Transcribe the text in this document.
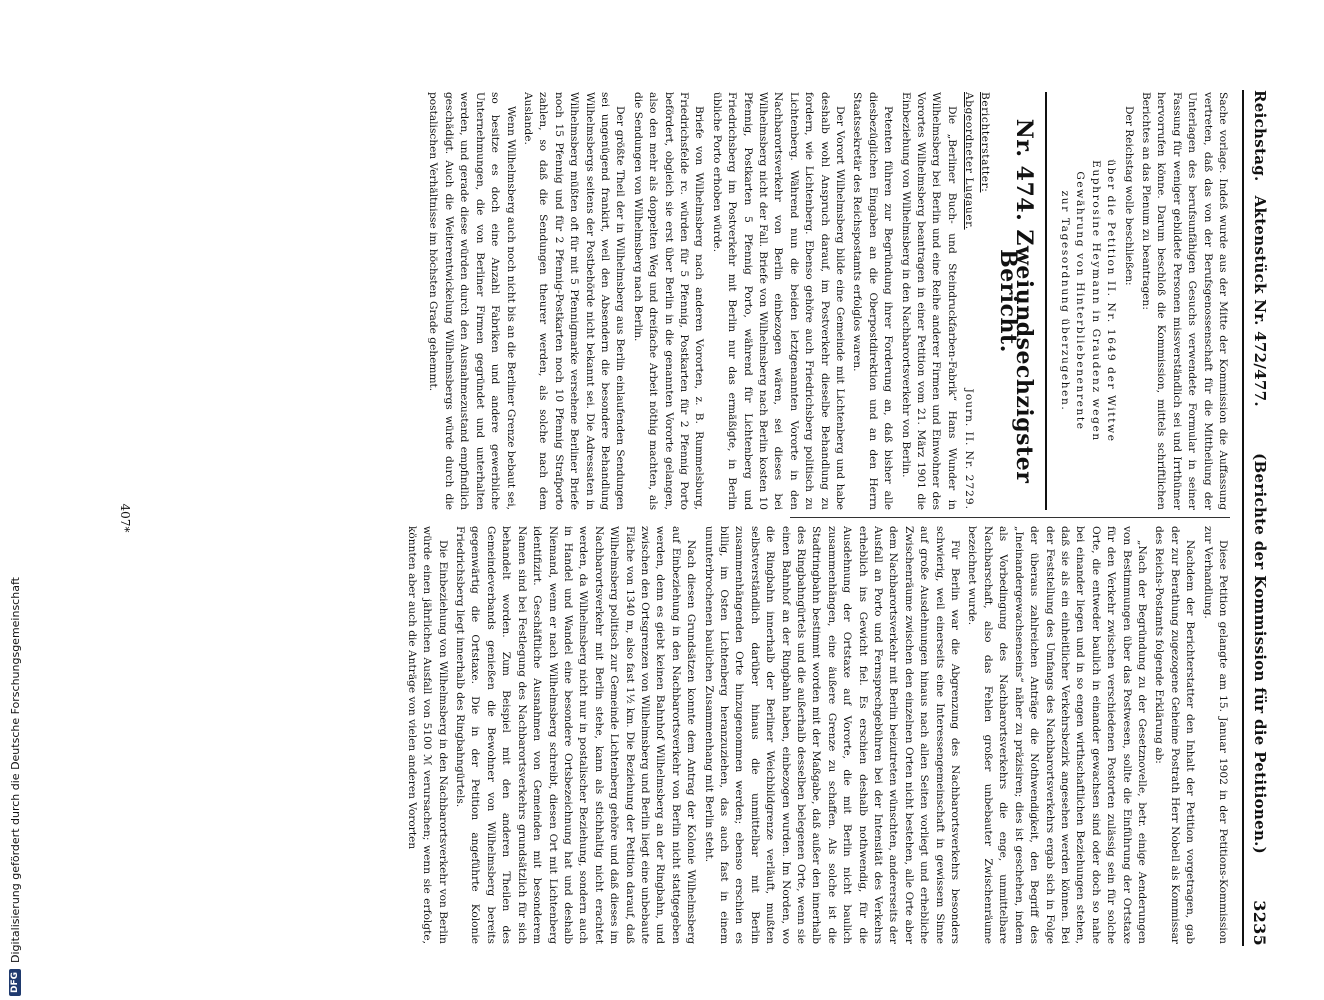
Reichstag.
Aktenstück Nr. 472/477.
(Berichte der Kommission für die Petitionen.)
3235

Sache vorlage. Indeß wurde aus der Mitte der Kommission die Auffassung vertreten, daß das von der Berufsgenossenschaft für die Mittheilung der Unterlagen des berufsunfähigen Gesuchs verwendete Formular in seiner Fassung für weniger gebildete Personen missverständlich sei und Irrthümer hervorrufen könne. Darum beschloß die Kommission, mittels schriftlichen Berichtes an das Plenum zu beantragen:

Der Reichstag wolle beschließen:

über die Petition II. Nr. 1649 der Wittwe
Euphrosine Heymann in Graudenz wegen
Gewährung von Hinterbliebenenrente
zur Tagesordnung überzugehen.
Nr. 474. Zweiundsechzigster Bericht.
Berichterstatter:
Abgeordneter Lugauer.
Journ. II. Nr. 2729.

Die „Berliner Buch- und Steindruckfarben-Fabrik“ Hans Wunder in Wilhelmsberg bei Berlin und eine Reihe anderer Firmen und Einwohner des Vorortes Wilhelmsberg beantragen in einer Petition vom 21. März 1901 die Einbeziehung von Wilhelmsberg in den Nachbarortsverkehr von Berlin.

Petenten führen zur Begründung ihrer Forderung an, daß bisher alle diesbezüglichen Eingaben an die Oberpostdirektion und an den Herrn Staatssekretär des Reichspostamts erfolglos waren.

Der Vorort Wilhelmsberg bilde eine Gemeinde mit Lichtenberg und habe deshalb wohl Anspruch darauf, im Postverkehr dieselbe Behandlung zu fordern, wie Lichtenberg. Ebenso gehöre auch Friedrichsberg politisch zu Lichtenberg. Während nun die beiden letztgenannten Vororte in den Nachbarortsverkehr von Berlin einbezogen wären, sei dieses bei Wilhelmsberg nicht der Fall. Briefe von Wilhelmsberg nach Berlin kosten 10 Pfennig, Postkarten 5 Pfennig Porto, während für Lichtenberg und Friedrichsberg im Postverkehr mit Berlin nur das ermäßigte, in Berlin übliche Porto erhoben würde.

Briefe von Wilhelmsberg nach anderen Vororten, z. B. Rummelsburg, Friedrichsfelde rc. würden für 5 Pfennig, Postkarten für 2 Pfennig Porto befördert, obgleich sie erst über Berlin in die genannten Vororte gelangen, also den mehr als doppelten Weg und dreifache Arbeit nöthig machten, als die Sendungen von Wilhelmsberg nach Berlin.

Der größte Theil der in Wilhelmsberg aus Berlin einlaufenden Sendungen sei ungenügend frankirt, weil den Absendern die besondere Behandlung Wilhelmsbergs seitens der Postbehörde nicht bekannt sei. Die Adressaten in Wilhelmsberg müßten oft für mit 5 Pfennigmarke versehene Berliner Briefe noch 15 Pfennig und für 2 Pfennig-Postkarten noch 10 Pfennig Strafporto zahlen, so daß die Sendungen theurer werden, als solche nach dem Auslande.

Wenn Wilhelmsberg auch noch nicht bis an die Berliner Grenze bebaut sei, so besitze es doch eine Anzahl Fabriken und andere gewerbliche Unternehmungen, die von Berliner Firmen gegründet und unterhalten werden, und gerade diese würden durch den Ausnahmezustand empfindlich geschädigt. Auch die Weiterentwickelung Wilhelmsbergs würde durch die postalischen Verhältnisse im höchsten Grade gehemmt.

Diese Petition gelangte am 15. Januar 1902 in der Petitions-Kommission zur Verhandlung.

Nachdem der Berichterstatter den Inhalt der Petition vorgetragen, gab der zur Berathung zugezogene Geheime Postrath Herr Nobell als Kommissar des Reichs-Postamts folgende Erklärung ab:

„Nach der Begründung zu der Gesetznovelle, betr. einige Aenderungen von Bestimmungen über das Postwesen, sollte die Einführung der Ortstaxe für den Verkehr zwischen verschiedenen Postorten zulässig sein für solche Orte, die entweder baulich in einander gewachsen sind oder doch so nahe bei einander liegen und in so engen wirthschaftlichen Beziehungen stehen, daß sie als ein einheitlicher Verkehrsbezirk angesehen werden können. Bei der Feststellung des Umfangs des Nachbarortsverkehrs ergab sich in Folge der überaus zahlreichen Anträge die Nothwendigkeit, den Begriff des „Ineinandergewachsenseins“ näher zu präzisiren; dies ist geschehen, indem als Vorbedingung des Nachbarortsverkehrs die enge, unmittelbare Nachbarschaft, also das Fehlen großer unbebauter Zwischenräume bezeichnet wurde.

Für Berlin war die Abgrenzung des Nachbarortsverkehrs besonders schwierig, weil einerseits eine Interessengemeinschaft in gewissem Sinne auf große Ausdehnungen hinaus nach allen Seiten vorliegt und erhebliche Zwischenräume zwischen den einzelnen Orten nicht bestehen, alle Orte aber dem Nachbarortsverkehr mit Berlin beizutreten wünschten, andererseits der Ausfall an Porto und Fernsprechgebühren bei der Intensität des Verkehrs erheblich ins Gewicht fiel. Es erschien deshalb nothwendig, für die Ausdehnung der Ortstaxe auf Vororte, die mit Berlin nicht baulich zusammenhängen, eine äußere Grenze zu schaffen. Als solche ist die Stadtringbahn bestimmt worden mit der Maßgabe, daß außer den innerhalb des Ringbahngürtels und die außerhalb desselben belegenen Orte, wenn sie einen Bahnhof an der Ringbahn haben, einbezogen wurden. Im Norden, wo die Ringbahn innerhalb der Berliner Weichbildgrenze verläuft, mußten selbstverständlich darüber hinaus die unmittelbar mit Berlin zusammenhängenden Orte hinzugenommen werden; ebenso erschien es billig, im Osten Lichtenberg heranzuziehen, das auch fast in einem ununterbrochenen baulichen Zusammenhang mit Berlin steht.

Nach diesen Grundsätzen konnte dem Antrag der Kolonie Wilhelmsberg auf Einbeziehung in den Nachbarortsverkehr von Berlin nicht stattgegeben werden, denn es giebt keinen Bahnhof Wilhelmsberg an der Ringbahn, und zwischen den Ortsgrenzen von Wilhelmsberg und Berlin liegt eine unbebaute Fläche von 1340 m, also fast 1½ km. Die Beziehung der Petition darauf, daß Wilhelmsberg politisch zur Gemeinde Lichtenberg gehöre und daß dieses im Nachbarortsverkehr mit Berlin stehe, kann als stichhaltig nicht erachtet werden, da Wilhelmsberg nicht nur in postalischer Beziehung, sondern auch in Handel und Wandel eine besondere Ortsbezeichnung hat und deshalb Niemand, wenn er nach Wilhelmsberg schreibt, diesen Ort mit Lichtenberg identifizirt. Geschäftliche Ausnahmen von Gemeinden mit besonderem Namen sind bei Festlegung des Nachbarortsverkehrs grundsätzlich für sich behandelt worden. Zum Beispiel mit den anderen Theilen des Gemeindeverbands genießen die Bewohner von Wilhelmsberg bereits gegenwärtig die Ortstaxe. Die in der Petition angeführte Kolonie Friedrichsberg liegt innerhalb des Ringbahngürtels.

Die Einbeziehung von Wilhelmsberg in den Nachbarortsverkehr von Berlin würde einen jährlichen Ausfall von 5100 ℳ verursachen; wenn sie erfolgte, könnten aber auch die Anträge von vielen anderen Vororten

407*
DFG
Digitalisierung gefördert durch die Deutsche Forschungsgemeinschaft
